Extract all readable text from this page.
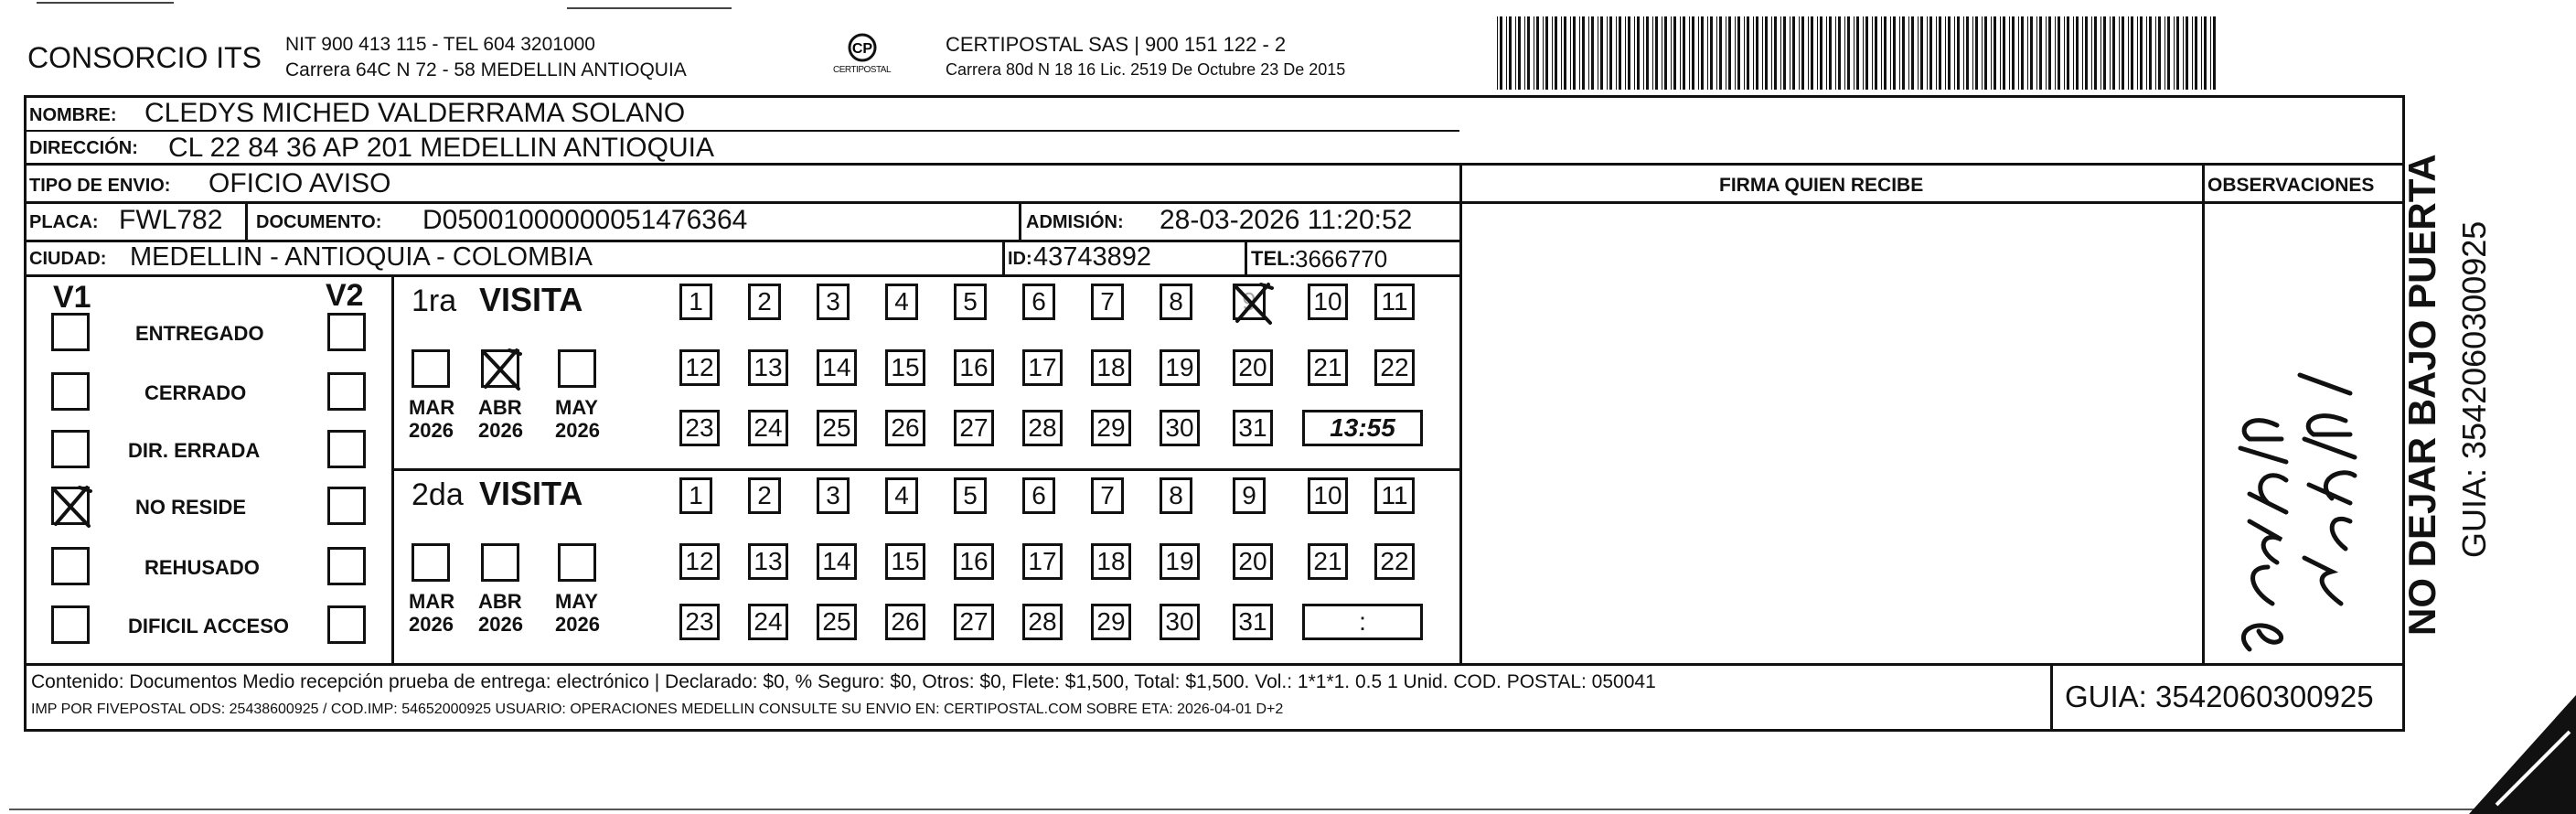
CONSORCIO ITS NIT 900 413 115 - TEL 604 3201000
Carrera 64C N 72 - 58 MEDELLIN ANTIOQUIA
CP
CERTIPOSTAL
CERTIPOSTAL SAS | 900 151 122 - 2
Carrera 80d N 18 16 Lic. 2519 De Octubre 23 De 2015
NOMBRE: CLEDYS MICHED VALDERRAMA SOLANO
DIRECCIÓN: CL 22 84 36 AP 201 MEDELLIN ANTIOQUIA
TIPO DE ENVIO: OFICIO AVISO	FIRMA QUIEN RECIBE	OBSERVACIONES
PLACA: FWL782 DOCUMENTO: D05001000000051476364	ADMISIÓN: 28-03-2026 11:20:52
CIUDAD: MEDELLIN - ANTIOQUIA - COLOMBIA	ID: 43743892	TEL: 3666770
V1	V2
ENTREGADO
CERRADO
DIR. ERRADA
NO RESIDE
REHUSADO
DIFICIL ACCESO
1ra VISITA
MAR
2026
ABR
2026
MAY
2026
1 2 3 4 5 6 7 8 9 10 11
12 13 14 15 16 17 18 19 20 21 22
23 24 25 26 27 28 29 30 31 13:55
2da VISITA
MAR
2026
ABR
2026
MAY
2026
1 2 3 4 5 6 7 8 9 10 11
12 13 14 15 16 17 18 19 20 21 22
23 24 25 26 27 28 29 30 31	:
Contenido: Documentos Medio recepción prueba de entrega: electrónico | Declarado: $0, % Seguro: $0, Otros: $0, Flete: $1,500, Total: $1,500. Vol.: 1*1*1. 0.5 1 Unid. COD. POSTAL: 050041
IMP POR FIVEPOSTAL ODS: 25438600925 / COD.IMP: 54652000925 USUARIO: OPERACIONES MEDELLIN CONSULTE SU ENVIO EN: CERTIPOSTAL.COM SOBRE ETA: 2026-04-01 D+2	GUIA: 3542060300925
NO DEJAR BAJO PUERTA GUIA: 3542060300925
